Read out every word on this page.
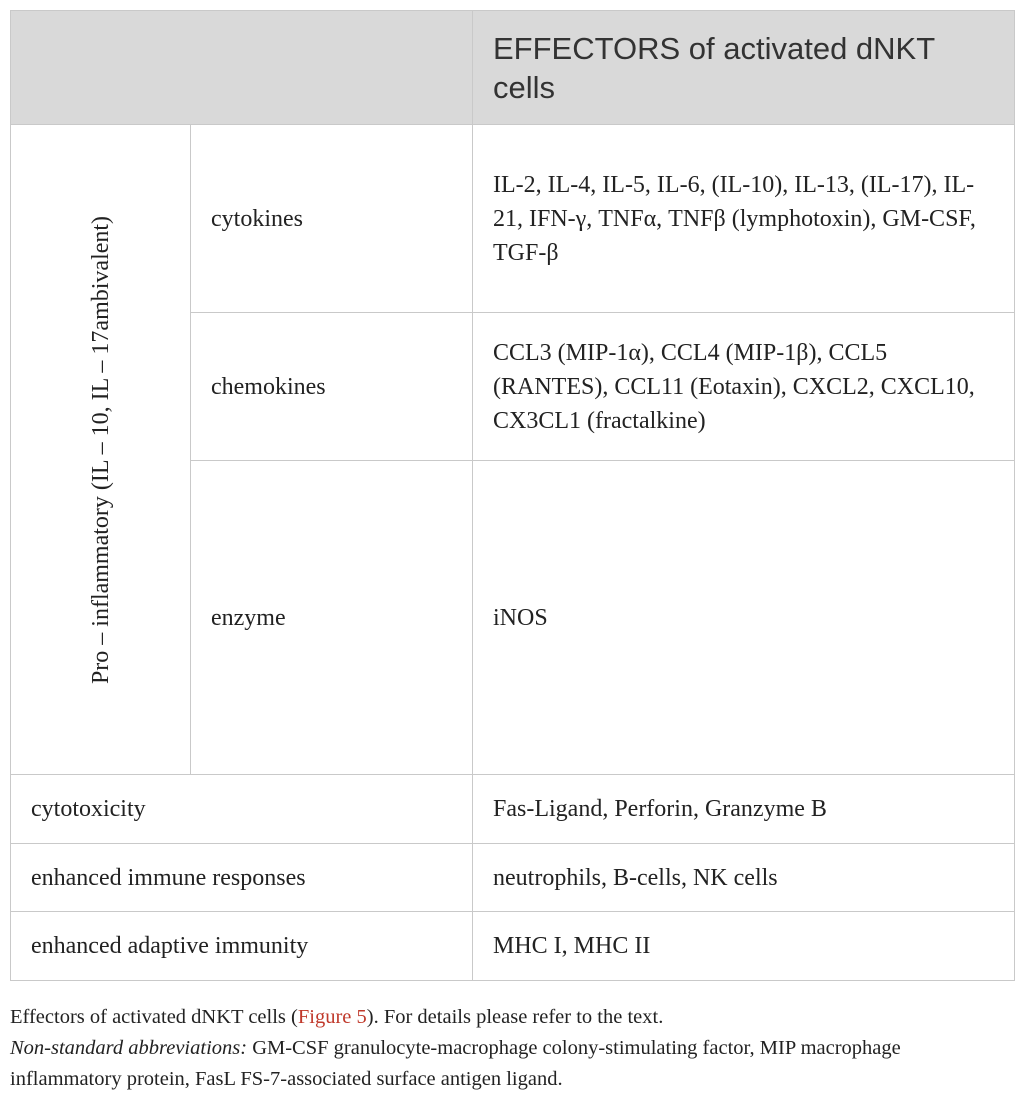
		EFFECTORS of activated dNKT cells

Pro – inflammatory (IL – 10, IL – 17ambivalent)	cytokines	IL-2, IL-4, IL-5, IL-6, (IL-10), IL-13, (IL-17), IL-21, IFN-γ, TNFα, TNFβ (lymphotoxin), GM-CSF, TGF-β
	chemokines	CCL3 (MIP-1α), CCL4 (MIP-1β), CCL5 (RANTES), CCL11 (Eotaxin), CXCL2, CXCL10, CX3CL1 (fractalkine)
	enzyme	iNOS
cytotoxicity		Fas-Ligand, Perforin, Granzyme B
enhanced immune responses		neutrophils, B-cells, NK cells
enhanced adaptive immunity		MHC I, MHC II

Effectors of activated dNKT cells (Figure 5). For details please refer to the text.

Non-standard abbreviations: GM-CSF granulocyte-macrophage colony-stimulating factor, MIP macrophage inflammatory protein, FasL FS-7-associated surface antigen ligand.
